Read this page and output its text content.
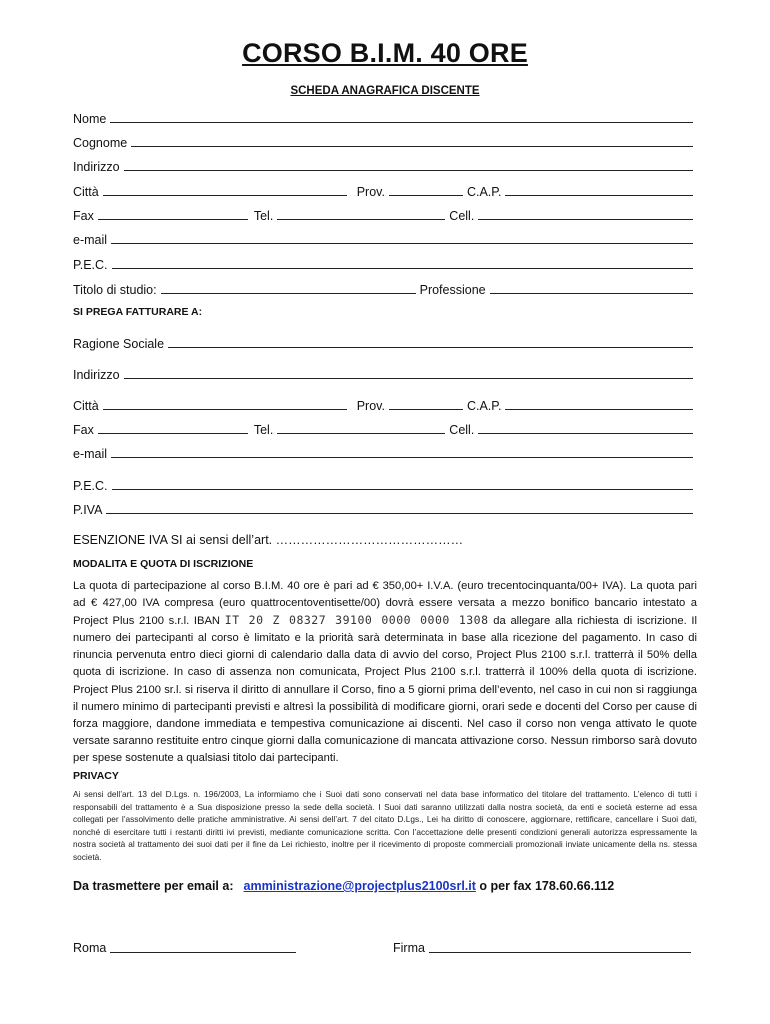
CORSO B.I.M. 40 ORE
SCHEDA ANAGRAFICA DISCENTE
Nome
Cognome
Indirizzo
Città	Prov.	C.A.P.
Fax	Tel.	Cell.
e-mail
P.E.C.
Titolo di studio:	Professione
SI PREGA FATTURARE A:
Ragione Sociale
Indirizzo
Città	Prov.	C.A.P.
Fax	Tel.	Cell.
e-mail
P.E.C.
P.IVA
ESENZIONE IVA SI ai sensi dell’art. ………………………………………
MODALITA E QUOTA DI ISCRIZIONE
La quota di partecipazione al corso B.I.M. 40 ore è pari ad € 350,00+ I.V.A. (euro trecentocinquanta/00+ IVA). La quota pari ad € 427,00 IVA compresa (euro quattrocentoventisette/00) dovrà essere versata a mezzo bonifico bancario intestato a Project Plus 2100 s.r.l. IBAN IT 20 Z 08327 39100 0000 0000 1308 da allegare alla richiesta di iscrizione. Il numero dei partecipanti al corso è limitato e la priorità sarà determinata in base alla ricezione del pagamento. In caso di rinuncia pervenuta entro dieci giorni di calendario dalla data di avvio del corso, Project Plus 2100 s.r.l. tratterrà il 50% della quota di iscrizione. In caso di assenza non comunicata, Project Plus 2100 s.r.l. tratterrà il 100% della quota di iscrizione. Project Plus 2100 sr.l. si riserva il diritto di annullare il Corso, fino a 5 giorni prima dell’evento, nel caso in cui non si raggiunga il numero minimo di partecipanti previsti e altresì la possibilità di modificare giorni, orari sede e docenti del Corso per cause di forza maggiore, dandone immediata e tempestiva comunicazione ai discenti. Nel caso il corso non venga attivato le quote versate saranno restituite entro cinque giorni dalla comunicazione di mancata attivazione corso. Nessun rimborso sarà dovuto per spese sostenute a qualsiasi titolo dai partecipanti.
PRIVACY
Ai sensi dell’art. 13 del D.Lgs. n. 196/2003, La informiamo che i Suoi dati sono conservati nel data base informatico del titolare del trattamento. L’elenco di tutti i responsabili del trattamento è a Sua disposizione presso la sede della società. I Suoi dati saranno utilizzati dalla nostra società, da enti e società esterne ad essa collegati per l’assolvimento delle pratiche amministrative. Ai sensi dell’art. 7 del citato D.Lgs., Lei ha diritto di conoscere, aggiornare, rettificare, cancellare i Suoi dati, nonché di esercitare tutti i restanti diritti ivi previsti, mediante comunicazione scritta. Con l’accettazione delle presenti condizioni generali autorizza espressamente la nostra società al trattamento dei suoi dati per il fine da Lei richiesto, inoltre per il ricevimento di proposte commerciali promozionali inviate unicamente della ns. stessa società.
Da trasmettere per email a: amministrazione@projectplus2100srl.it o per fax 178.60.66.112
Roma	Firma
